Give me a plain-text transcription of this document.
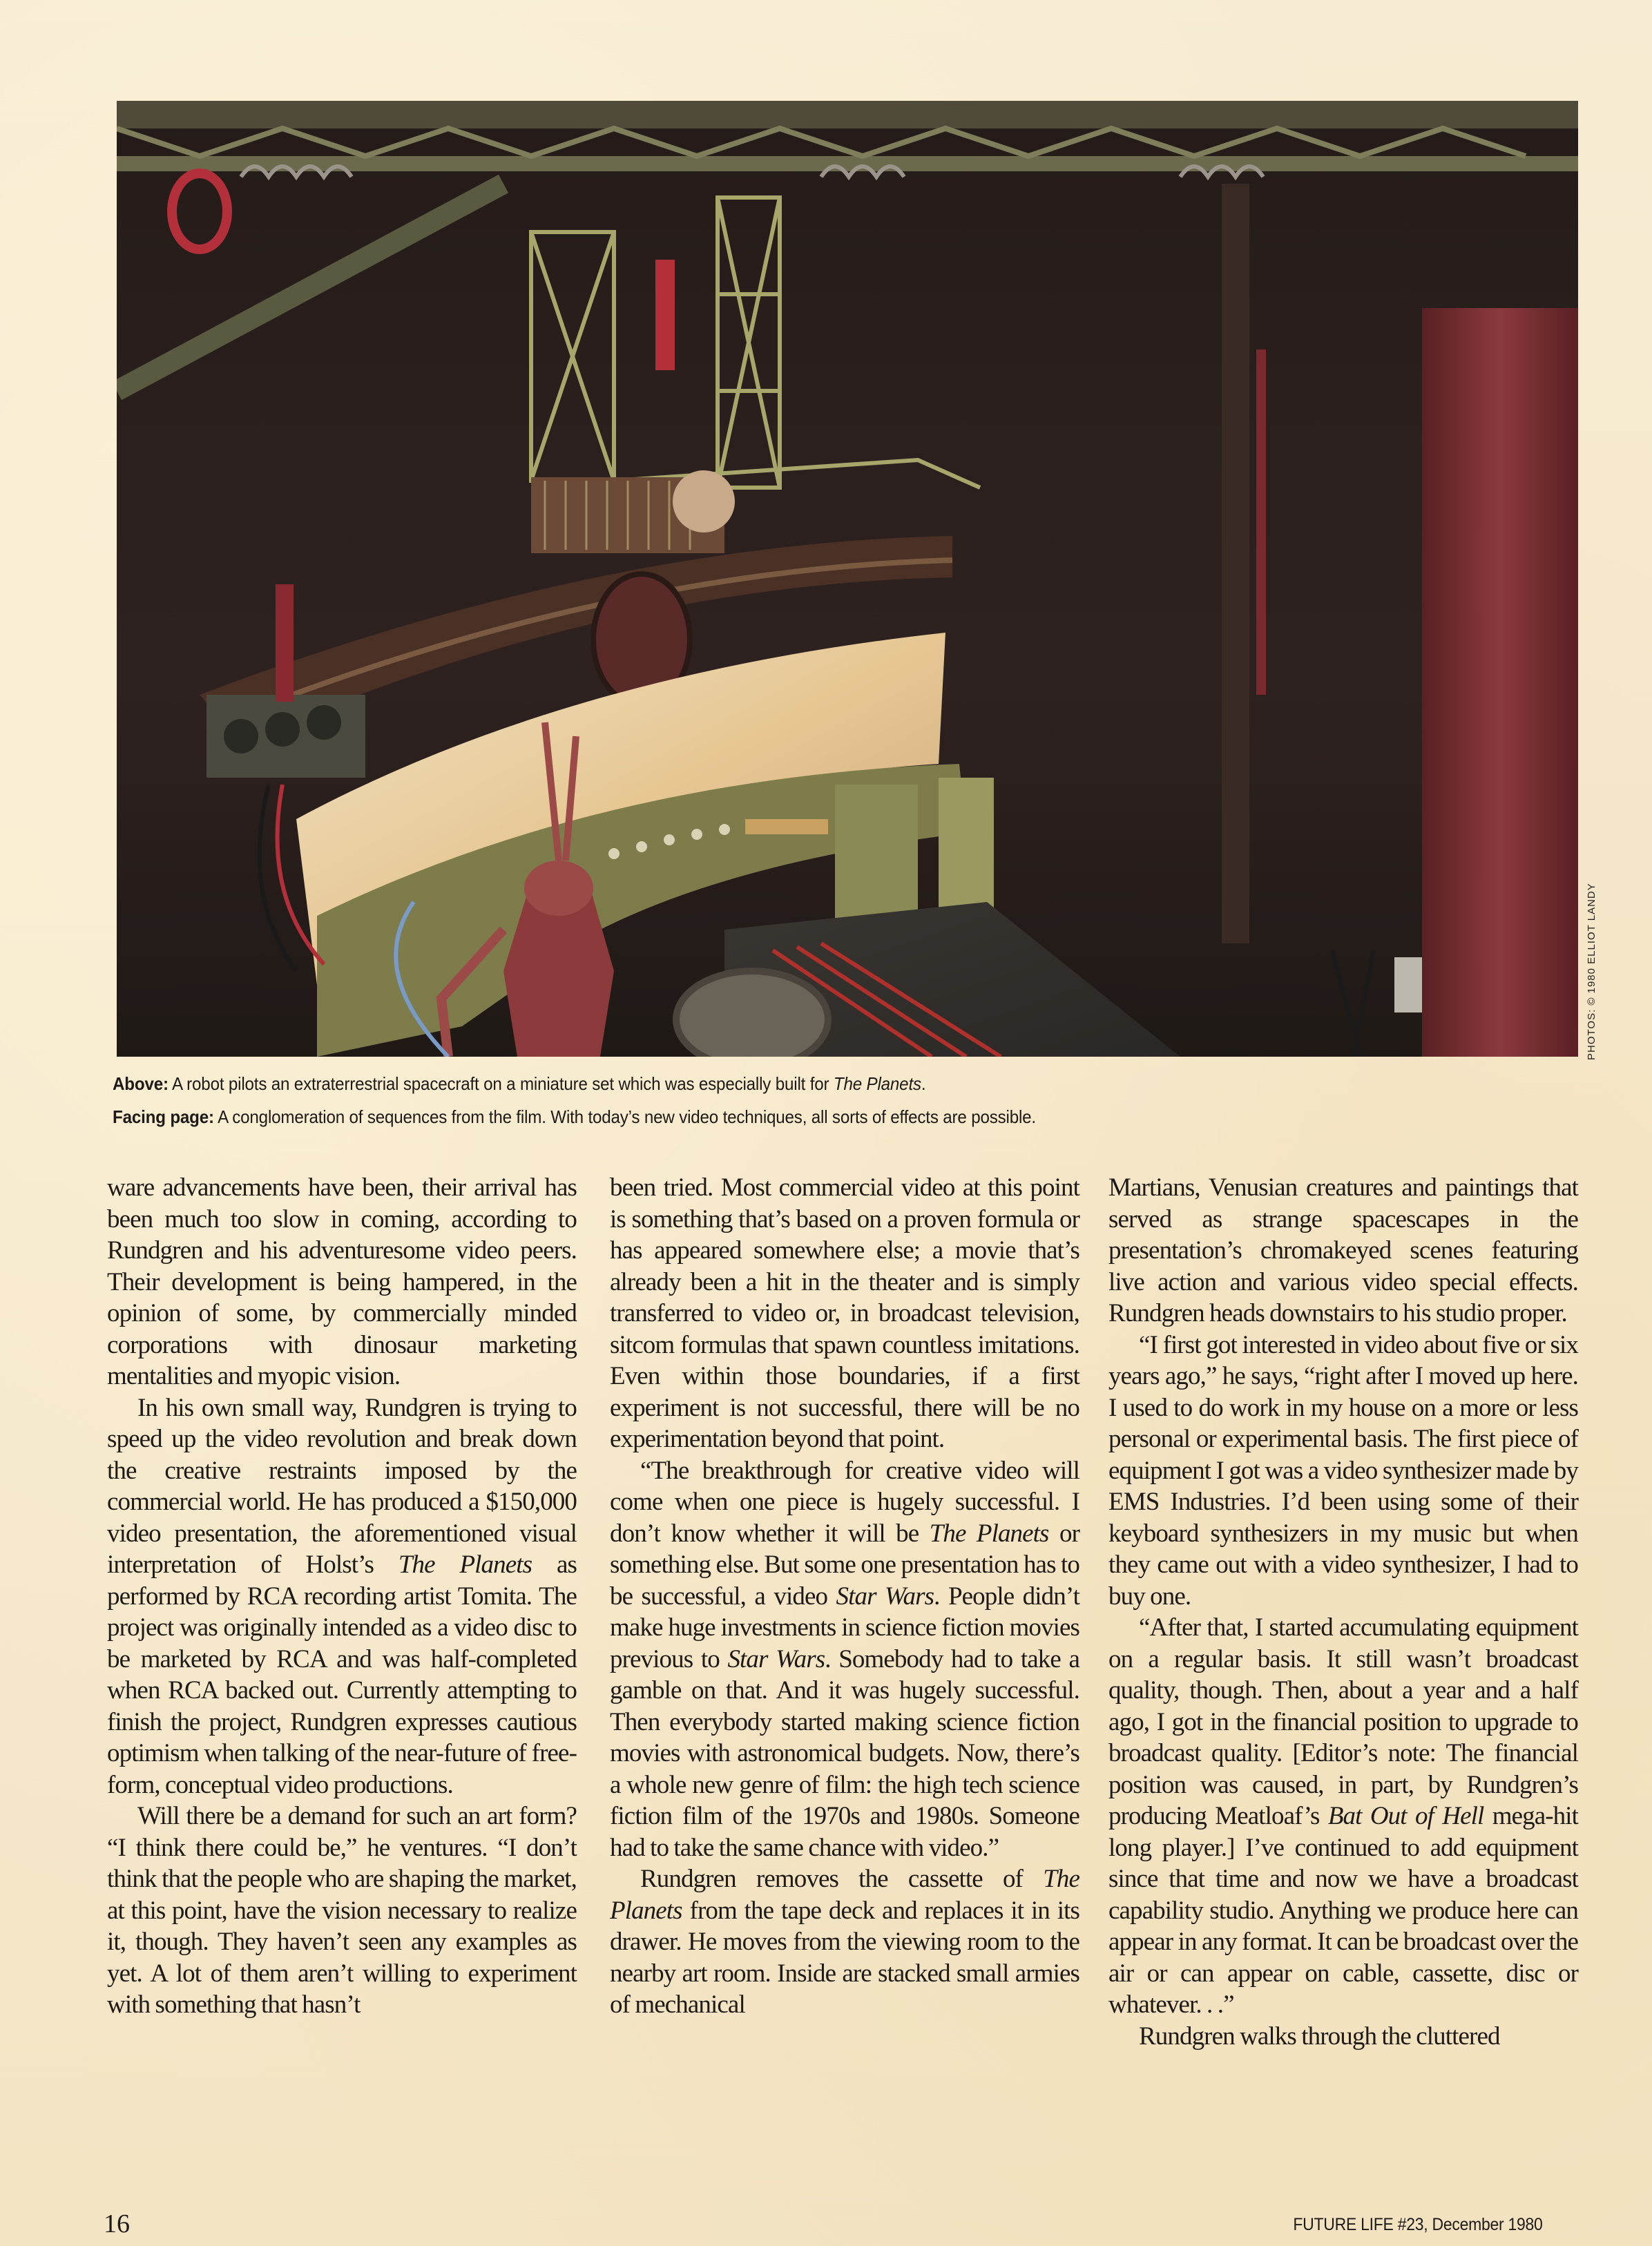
PHOTOS: © 1980 ELLIOT LANDY
Above: A robot pilots an extraterrestrial spacecraft on a miniature set which was especially built for The Planets.
Facing page: A conglomeration of sequences from the film. With today’s new video techniques, all sorts of effects are possible.

ware advancements have been, their arrival has been much too slow in coming, according to Rundgren and his adventuresome video peers. Their development is being hampered, in the opinion of some, by commercially minded corporations with dinosaur marketing mentalities and myopic vision.

In his own small way, Rundgren is trying to speed up the video revolution and break down the creative restraints imposed by the commercial world. He has produced a $150,000 video presentation, the aforementioned visual interpretation of Holst’s The Planets as performed by RCA recording artist Tomita. The project was originally intended as a video disc to be marketed by RCA and was half-completed when RCA backed out. Currently attempting to finish the project, Rundgren expresses cautious optimism when talking of the near-future of free-form, conceptual video productions.

Will there be a demand for such an art form? “I think there could be,” he ventures. “I don’t think that the people who are shaping the market, at this point, have the vision necessary to realize it, though. They haven’t seen any examples as yet. A lot of them aren’t willing to experiment with something that hasn’t

been tried. Most commercial video at this point is something that’s based on a proven formula or has appeared somewhere else; a movie that’s already been a hit in the theater and is simply transferred to video or, in broadcast television, sitcom formulas that spawn countless imitations. Even within those boundaries, if a first experiment is not successful, there will be no experimentation beyond that point.

“The breakthrough for creative video will come when one piece is hugely successful. I don’t know whether it will be The Planets or something else. But some one presentation has to be successful, a video Star Wars. People didn’t make huge investments in science fiction movies previous to Star Wars. Somebody had to take a gamble on that. And it was hugely successful. Then everybody started making science fiction movies with astronomical budgets. Now, there’s a whole new genre of film: the high tech science fiction film of the 1970s and 1980s. Someone had to take the same chance with video.”

Rundgren removes the cassette of The Planets from the tape deck and replaces it in its drawer. He moves from the viewing room to the nearby art room. Inside are stacked small armies of mechanical

Martians, Venusian creatures and paintings that served as strange spacescapes in the presentation’s chromakeyed scenes featuring live action and various video special effects. Rundgren heads downstairs to his studio proper.

“I first got interested in video about five or six years ago,” he says, “right after I moved up here. I used to do work in my house on a more or less personal or experimental basis. The first piece of equipment I got was a video synthesizer made by EMS Industries. I’d been using some of their keyboard synthesizers in my music but when they came out with a video synthesizer, I had to buy one.

“After that, I started accumulating equipment on a regular basis. It still wasn’t broadcast quality, though. Then, about a year and a half ago, I got in the financial position to upgrade to broadcast quality. [Editor’s note: The financial position was caused, in part, by Rundgren’s producing Meatloaf’s Bat Out of Hell mega-hit long player.] I’ve continued to add equipment since that time and now we have a broadcast capability studio. Anything we produce here can appear in any format. It can be broadcast over the air or can appear on cable, cassette, disc or whatever. . .”

Rundgren walks through the cluttered

16	FUTURE LIFE #23, December 1980
